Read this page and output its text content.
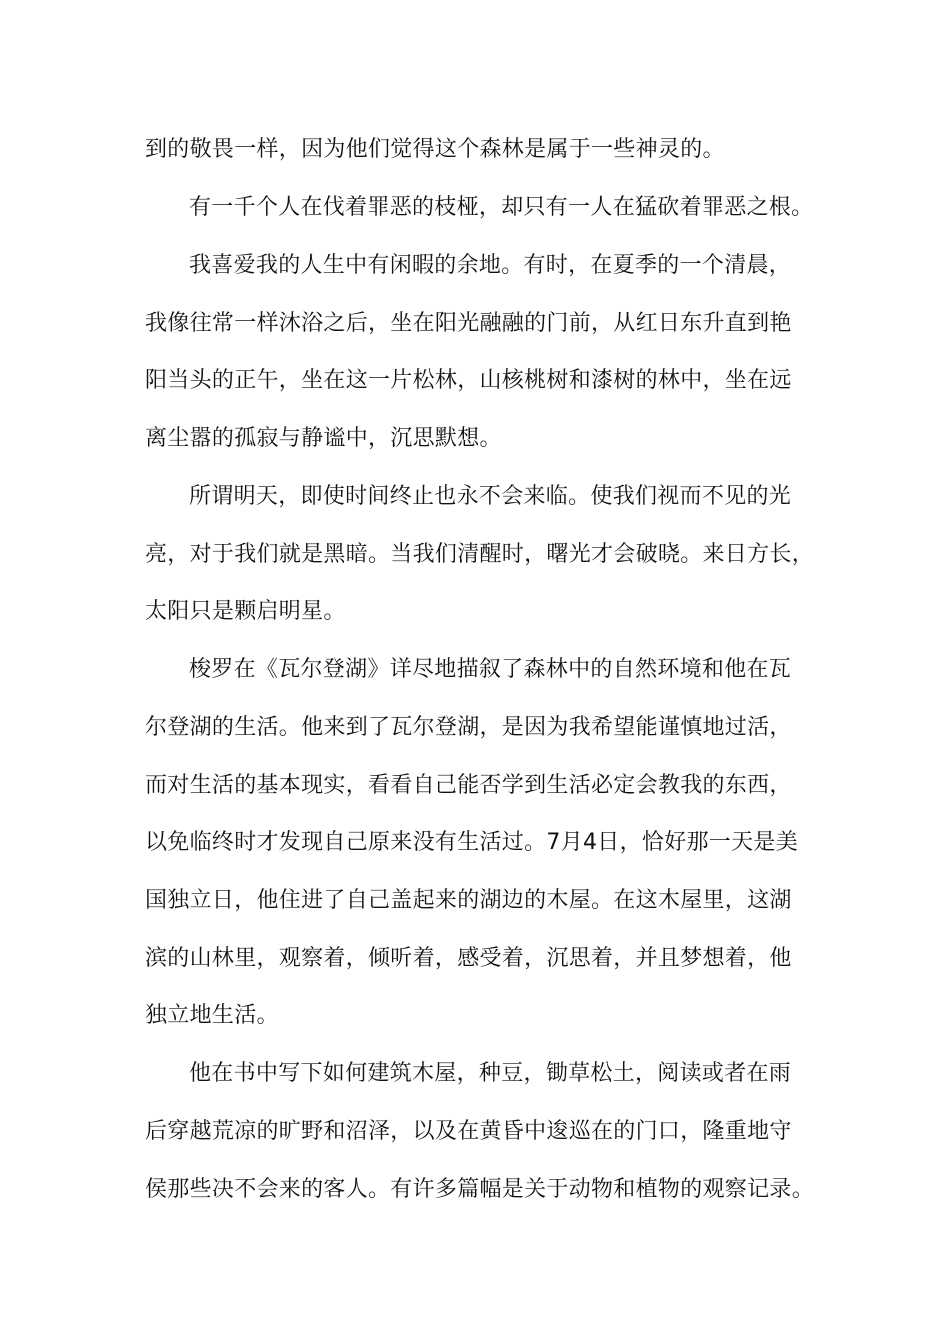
到的敬畏一样，因为他们觉得这个森林是属于一些神灵的。
有一千个人在伐着罪恶的枝桠，却只有一人在猛砍着罪恶之根。
我喜爱我的人生中有闲暇的余地。有时，在夏季的一个清晨，
我像往常一样沐浴之后，坐在阳光融融的门前，从红日东升直到艳
阳当头的正午，坐在这一片松林，山核桃树和漆树的林中，坐在远
离尘嚣的孤寂与静谧中，沉思默想。
所谓明天，即使时间终止也永不会来临。使我们视而不见的光
亮，对于我们就是黑暗。当我们清醒时，曙光才会破晓。来日方长，
太阳只是颗启明星。
梭罗在《瓦尔登湖》详尽地描叙了森林中的自然环境和他在瓦
尔登湖的生活。他来到了瓦尔登湖，是因为我希望能谨慎地过活，
而对生活的基本现实，看看自己能否学到生活必定会教我的东西，
以免临终时才发现自己原来没有生活过。7月4日，恰好那一天是美
国独立日，他住进了自己盖起来的湖边的木屋。在这木屋里，这湖
滨的山林里，观察着，倾听着，感受着，沉思着，并且梦想着，他
独立地生活。
他在书中写下如何建筑木屋，种豆，锄草松土，阅读或者在雨
后穿越荒凉的旷野和沼泽，以及在黄昏中逡巡在的门口，隆重地守
侯那些决不会来的客人。有许多篇幅是关于动物和植物的观察记录。
